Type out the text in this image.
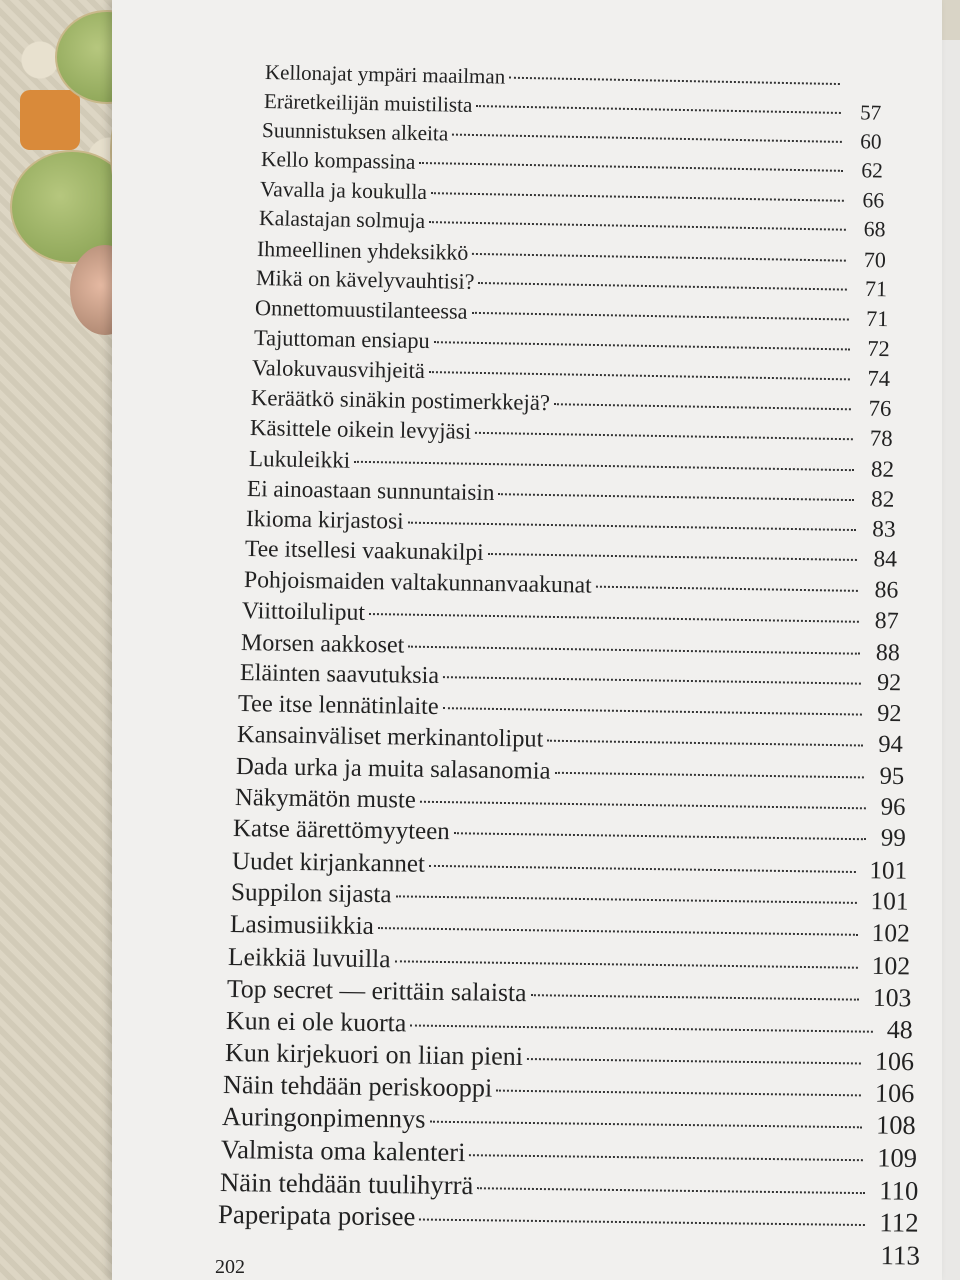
Kellonajat ympäri maailman
Eräretkeilijän muistilista	57
Suunnistuksen alkeita	60
Kello kompassina	62
Vavalla ja koukulla	66
Kalastajan solmuja	68
Ihmeellinen yhdeksikkö	70
Mikä on kävelyvauhtisi?	71
Onnettomuustilanteessa	71
Tajuttoman ensiapu	72
Valokuvausvihjeitä	74
Keräätkö sinäkin postimerkkejä?	76
Käsittele oikein levyjäsi	78
Lukuleikki	82
Ei ainoastaan sunnuntaisin	82
Ikioma kirjastosi	83
Tee itsellesi vaakunakilpi	84
Pohjoismaiden valtakunnanvaakunat	86
Viittoiluliput	87
Morsen aakkoset	88
Eläinten saavutuksia	92
Tee itse lennätinlaite	92
Kansainväliset merkinantoliput	94
Dada urka ja muita salasanomia	95
Näkymätön muste	96
Katse äärettömyyteen	99
Uudet kirjankannet	101
Suppilon sijasta	101
Lasimusiikkia	102
Leikkiä luvuilla	102
Top secret — erittäin salaista	103
Kun ei ole kuorta	48
Kun kirjekuori on liian pieni	106
Näin tehdään periskooppi	106
Auringonpimennys	108
Valmista oma kalenteri	109
Näin tehdään tuulihyrrä	110
Paperipata porisee	112
113
202
